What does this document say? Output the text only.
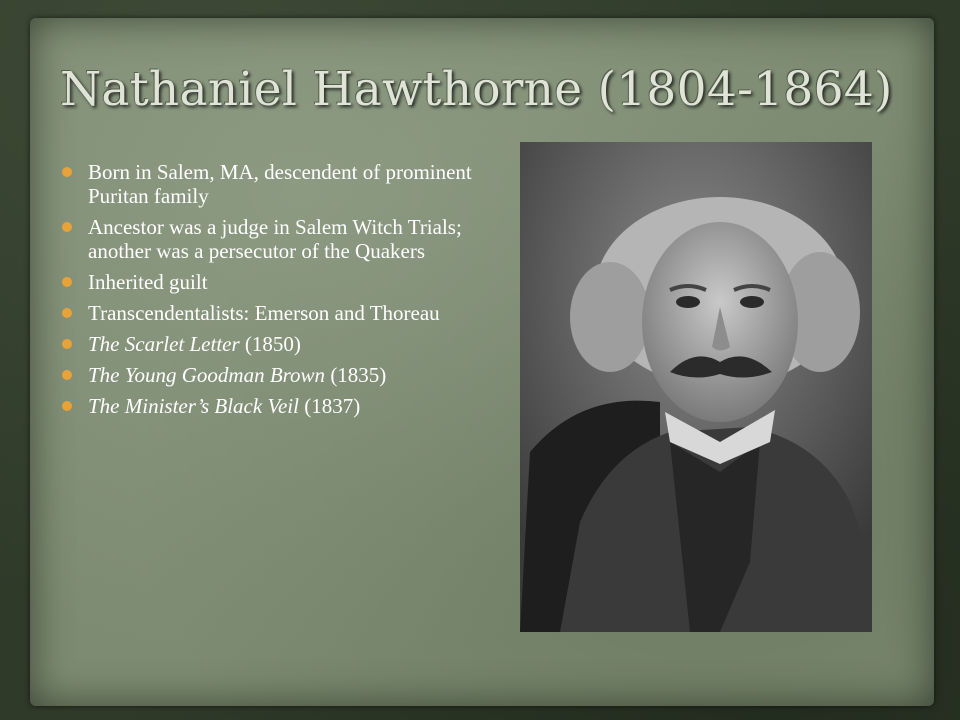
Nathaniel Hawthorne (1804-1864)
Born in Salem, MA, descendent of prominent Puritan family
Ancestor was a judge in Salem Witch Trials; another was a persecutor of the Quakers
Inherited guilt
Transcendentalists: Emerson and Thoreau
The Scarlet Letter (1850)
The Young Goodman Brown (1835)
The Minister’s Black Veil (1837)
